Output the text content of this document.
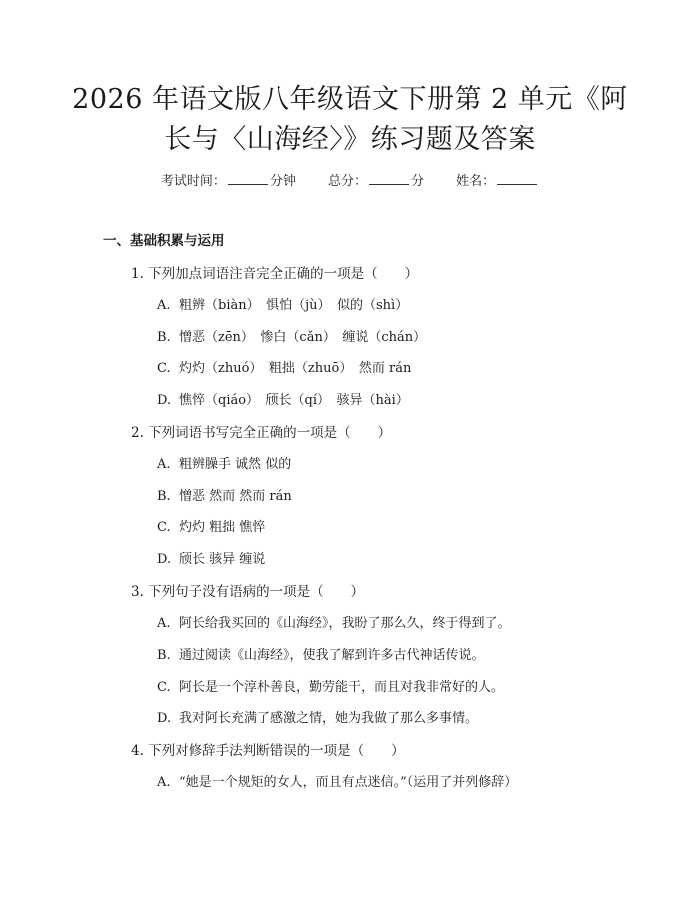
2026 年语文版八年级语文下册第 2 单元《阿
长与〈山海经〉》练习题及答案
考试时间：	分钟 总分：	分 姓名：
一、基础积累与运用
1. 下列加点词语注音完全正确的一项是（　　）
A. 粗辨（biàn）　惧怕（jù）　似的（shì）
B. 憎恶（zēn）　惨白（cǎn）　缠说（chán）
C. 灼灼（zhuó）　粗拙（zhuō）　然而 rán
D. 憔悴（qiáo）　颀长（qí）　骇异（hài）
2. 下列词语书写完全正确的一项是（　　）
A. 粗辨臊手 诚然 似的
B. 憎恶 然而 然而 rán
C. 灼灼 粗拙 憔悴
D. 颀长 骇异 缠说
3. 下列句子没有语病的一项是（　　）
A. 阿长给我买回的《山海经》，我盼了那么久，终于得到了。
B. 通过阅读《山海经》，使我了解到许多古代神话传说。
C. 阿长是一个淳朴善良，勤劳能干，而且对我非常好的人。
D. 我对阿长充满了感激之情，她为我做了那么多事情。
4. 下列对修辞手法判断错误的一项是（　　）
A. “她是一个规矩的女人，而且有点迷信。”（运用了并列修辞）
